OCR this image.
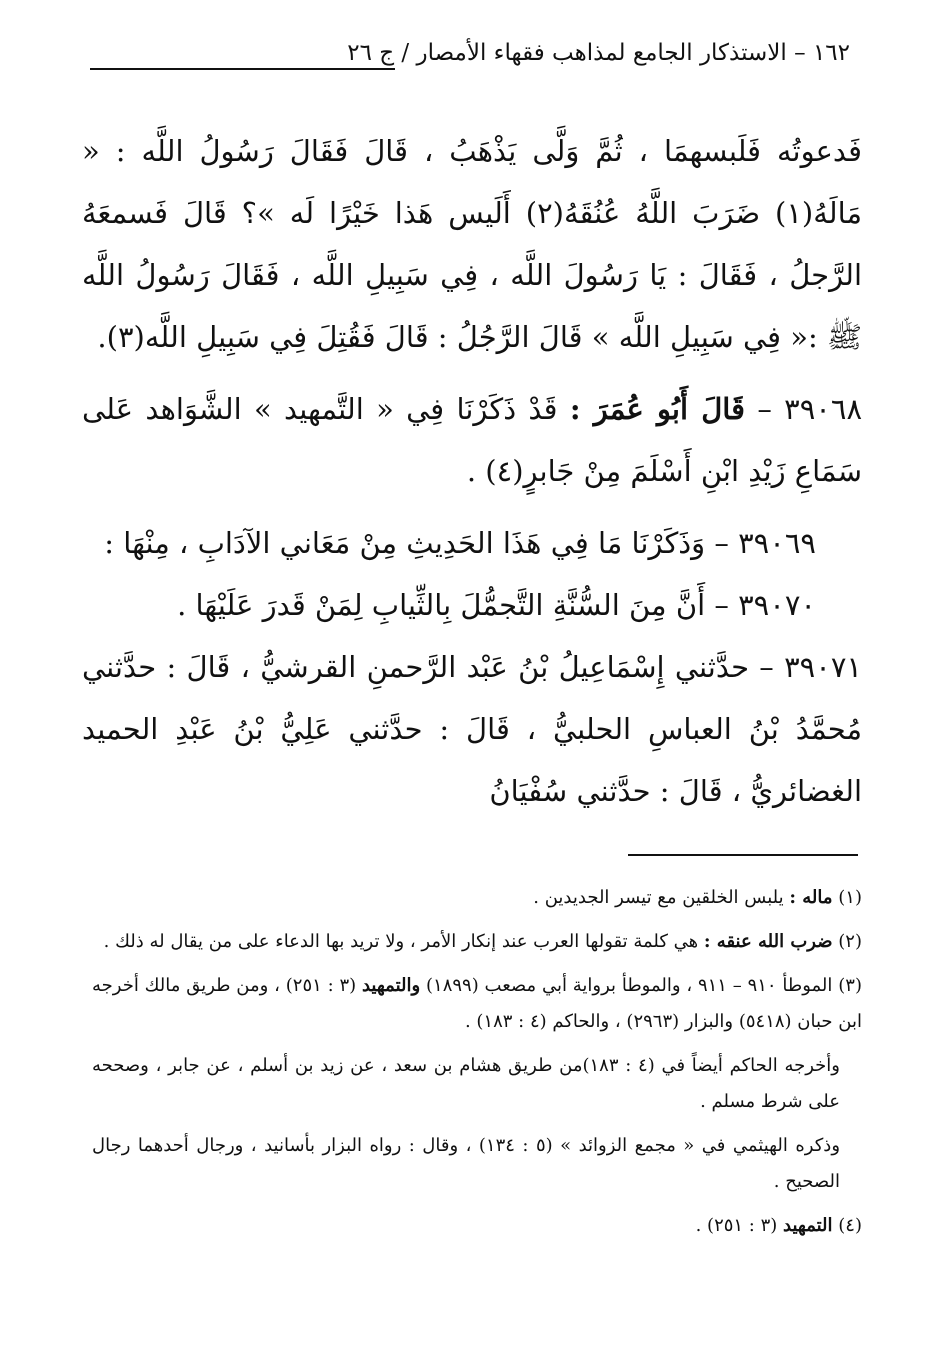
١٦٢ – الاستذكار الجامع لمذاهب فقهاء الأمصار / ج ٢٦

فَدعوتُه فَلَبسهمَا ، ثُمَّ وَلَّى يَذْهَبُ ، قَالَ فَقَالَ رَسُولُ اللَّه : « مَالَهُ(١) ضَرَبَ اللَّهُ عُنُقَهُ(٢) أَلَيس هَذا خَيْرًا لَه »؟ قَالَ فَسمعَهُ الرَّجلُ ، فَقَالَ : يَا رَسُولَ اللَّه ، فِي سَبِيلِ اللَّه ، فَقَالَ رَسُولُ اللَّه ﷺ :« فِي سَبِيلِ اللَّه » قَالَ الرَّجُلُ : قَالَ فَقُتِلَ فِي سَبِيلِ اللَّه(٣).

٣٩٠٦٨ – قَالَ أَبُو عُمَرَ : قَدْ ذَكَرْنَا فِي « التَّمهيد » الشَّوَاهد عَلى سَمَاعِ زَيْدِ ابْنِ أَسْلَمَ مِنْ جَابرٍ(٤) .

٣٩٠٦٩ – وَذَكَرْنَا مَا فِي هَذَا الحَدِيثِ مِنْ مَعَاني الآدَابِ ، مِنْهَا :

٣٩٠٧٠ – أَنَّ مِنَ السُّنَّةِ التَّجمُّلَ بِالثِّيابِ لِمَنْ قَدرَ عَلَيْهَا .

٣٩٠٧١ – حدَّثني إِسْمَاعِيلُ بْنُ عَبْد الرَّحمنِ القرشيُّ ، قَالَ : حدَّثني مُحمَّدُ بْنُ العباسِ الحلبيُّ ، قَالَ : حدَّثني عَلِيُّ بْنُ عَبْدِ الحميد الغضائريُّ ، قَالَ : حدَّثني سُفْيَانُ

(١) ماله : يلبس الخلقين مع تيسر الجديدين .

(٢) ضرب الله عنقه : هي كلمة تقولها العرب عند إنكار الأمر ، ولا تريد بها الدعاء على من يقال له ذلك .

(٣) الموطأ ٩١٠ – ٩١١ ، والموطأ برواية أبي مصعب (١٨٩٩) والتمهيد (٣ : ٢٥١) ، ومن طريق مالك أخرجه ابن حبان (٥٤١٨) والبزار (٢٩٦٣) ، والحاكم (٤ : ١٨٣) .

وأخرجه الحاكم أيضاً في (٤ : ١٨٣)من طريق هشام بن سعد ، عن زيد بن أسلم ، عن جابر ، وصححه على شرط مسلم .

وذكره الهيثمي في « مجمع الزوائد » (٥ : ١٣٤) ، وقال : رواه البزار بأسانيد ، ورجال أحدهما رجال الصحيح .

(٤) التمهيد (٣ : ٢٥١) .
